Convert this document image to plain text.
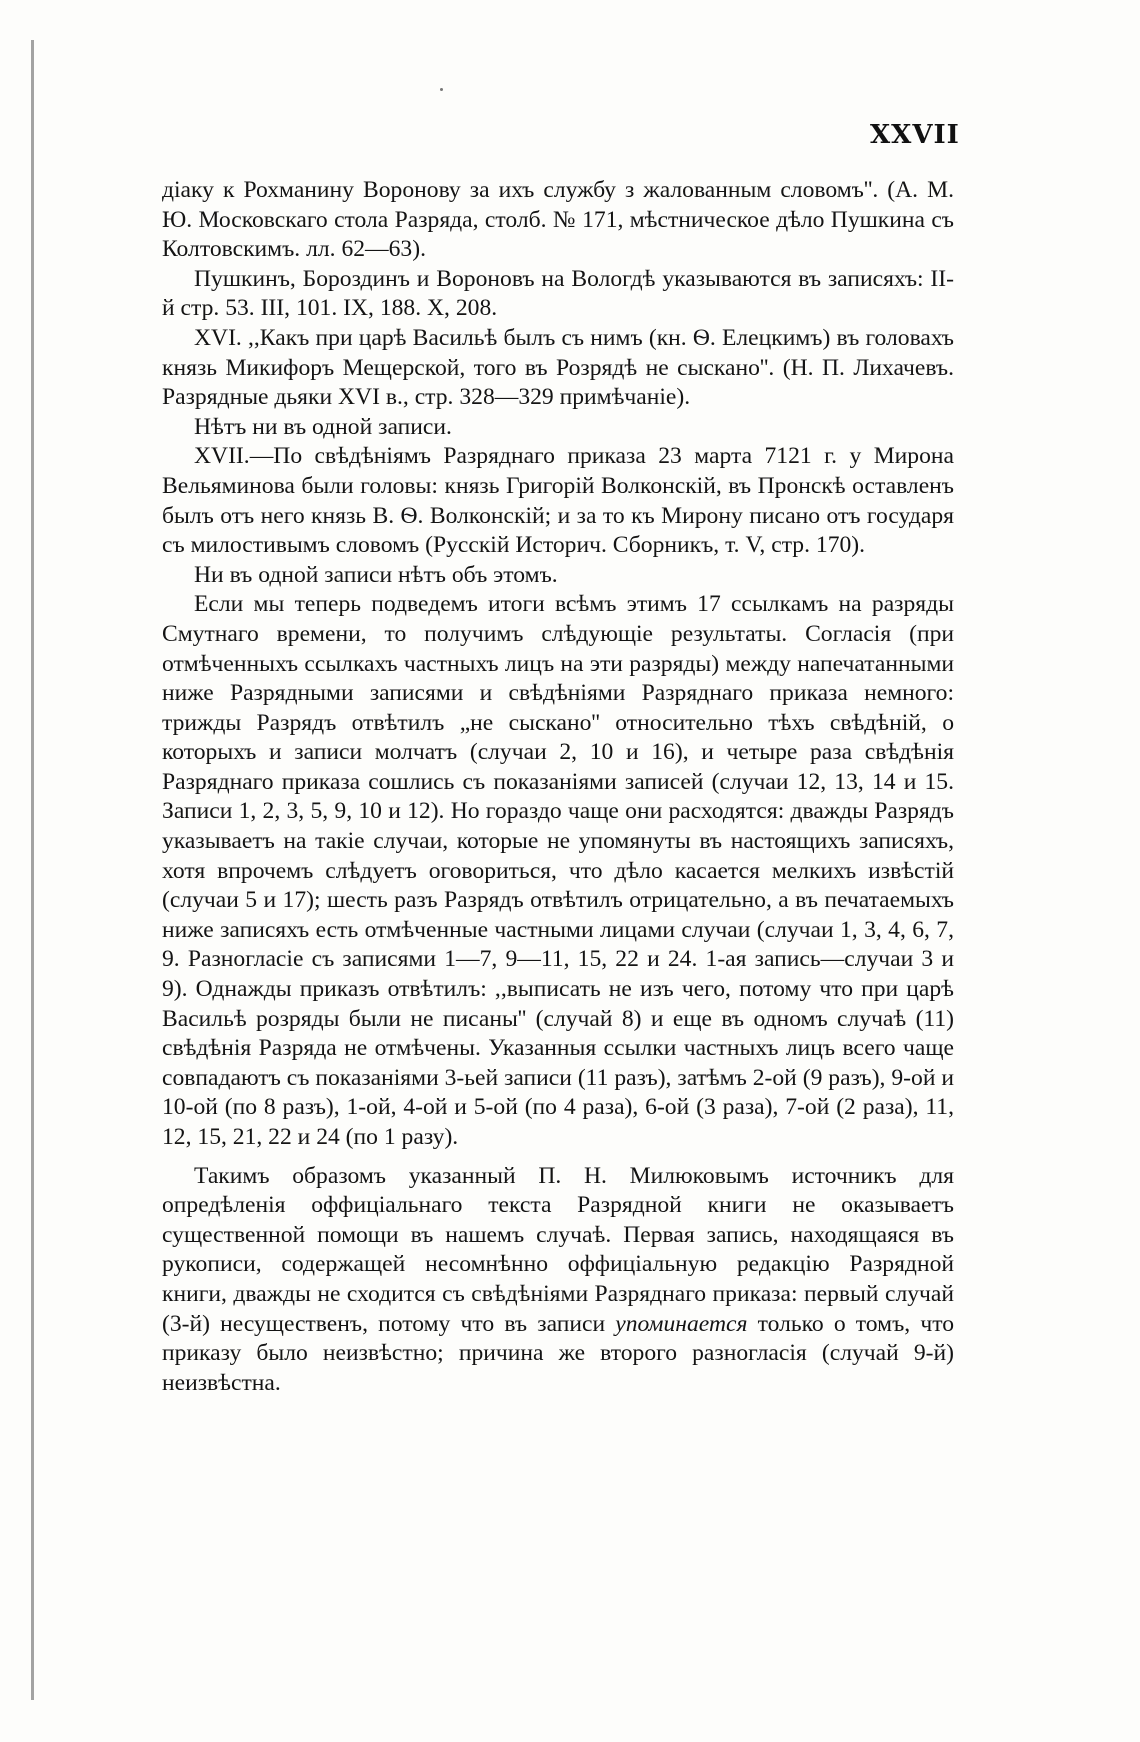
XXVII

діаку к Рохманину Воронову за ихъ службу з жалованным словомъ''. (А. М. Ю. Московскаго стола Разряда, столб. № 171, мѣстническое дѣло Пушкина съ Колтовскимъ. лл. 62—63).

Пушкинъ, Бороздинъ и Вороновъ на Вологдѣ указываются въ записяхъ: II-й стр. 53. III, 101. IX, 188. X, 208.

XVI. ,,Какъ при царѣ Васильѣ былъ съ нимъ (кн. Ѳ. Елецкимъ) въ головахъ князь Микифоръ Мещерской, того въ Розрядѣ не сыскано''. (Н. П. Лихачевъ. Разрядные дьяки XVI в., стр. 328—329 примѣчаніе).

Нѣтъ ни въ одной записи.

XVII.—По свѣдѣніямъ Разряднаго приказа 23 марта 7121 г. у Мирона Вельяминова были головы: князь Григорій Волконскій, въ Пронскѣ оставленъ былъ отъ него князь В. Ѳ. Волконскій; и за то къ Мирону писано отъ государя съ милостивымъ словомъ (Русскій Историч. Сборникъ, т. V, стр. 170).

Ни въ одной записи нѣтъ объ этомъ.

Если мы теперь подведемъ итоги всѣмъ этимъ 17 ссылкамъ на разряды Смутнаго времени, то получимъ слѣдующіе результаты. Согласія (при отмѣченныхъ ссылкахъ частныхъ лицъ на эти разряды) между напечатанными ниже Разрядными записями и свѣдѣніями Разряднаго приказа немного: трижды Разрядъ отвѣтилъ „не сыскано'' относительно тѣхъ свѣдѣній, о которыхъ и записи молчатъ (случаи 2, 10 и 16), и четыре раза свѣдѣнія Разряднаго приказа сошлись съ показаніями записей (случаи 12, 13, 14 и 15. Записи 1, 2, 3, 5, 9, 10 и 12). Но гораздо чаще они расходятся: дважды Разрядъ указываетъ на такіе случаи, которые не упомянуты въ настоящихъ записяхъ, хотя впрочемъ слѣдуетъ оговориться, что дѣло касается мелкихъ извѣстій (случаи 5 и 17); шесть разъ Разрядъ отвѣтилъ отрицательно, а въ печатаемыхъ ниже записяхъ есть отмѣченные частными лицами случаи (случаи 1, 3, 4, 6, 7, 9. Разногласіе съ записями 1—7, 9—11, 15, 22 и 24. 1-ая запись—случаи 3 и 9). Однажды приказъ отвѣтилъ: ,,выписать не изъ чего, потому что при царѣ Васильѣ розряды были не писаны'' (случай 8) и еще въ одномъ случаѣ (11) свѣдѣнія Разряда не отмѣчены. Указанныя ссылки частныхъ лицъ всего чаще совпадаютъ съ показаніями 3-ьей записи (11 разъ), затѣмъ 2-ой (9 разъ), 9-ой и 10-ой (по 8 разъ), 1-ой, 4-ой и 5-ой (по 4 раза), 6-ой (3 раза), 7-ой (2 раза), 11, 12, 15, 21, 22 и 24 (по 1 разу).

Такимъ образомъ указанный П. Н. Милюковымъ источникъ для опредѣленія оффиціальнаго текста Разрядной книги не оказываетъ существенной помощи въ нашемъ случаѣ. Первая запись, находящаяся въ рукописи, содержащей несомнѣнно оффиціальную редакцію Разрядной книги, дважды не сходится съ свѣдѣніями Разряднаго приказа: первый случай (3-й) несущественъ, потому что въ записи упоминается только о томъ, что приказу было неизвѣстно; причина же второго разногласія (случай 9-й) неизвѣстна.
